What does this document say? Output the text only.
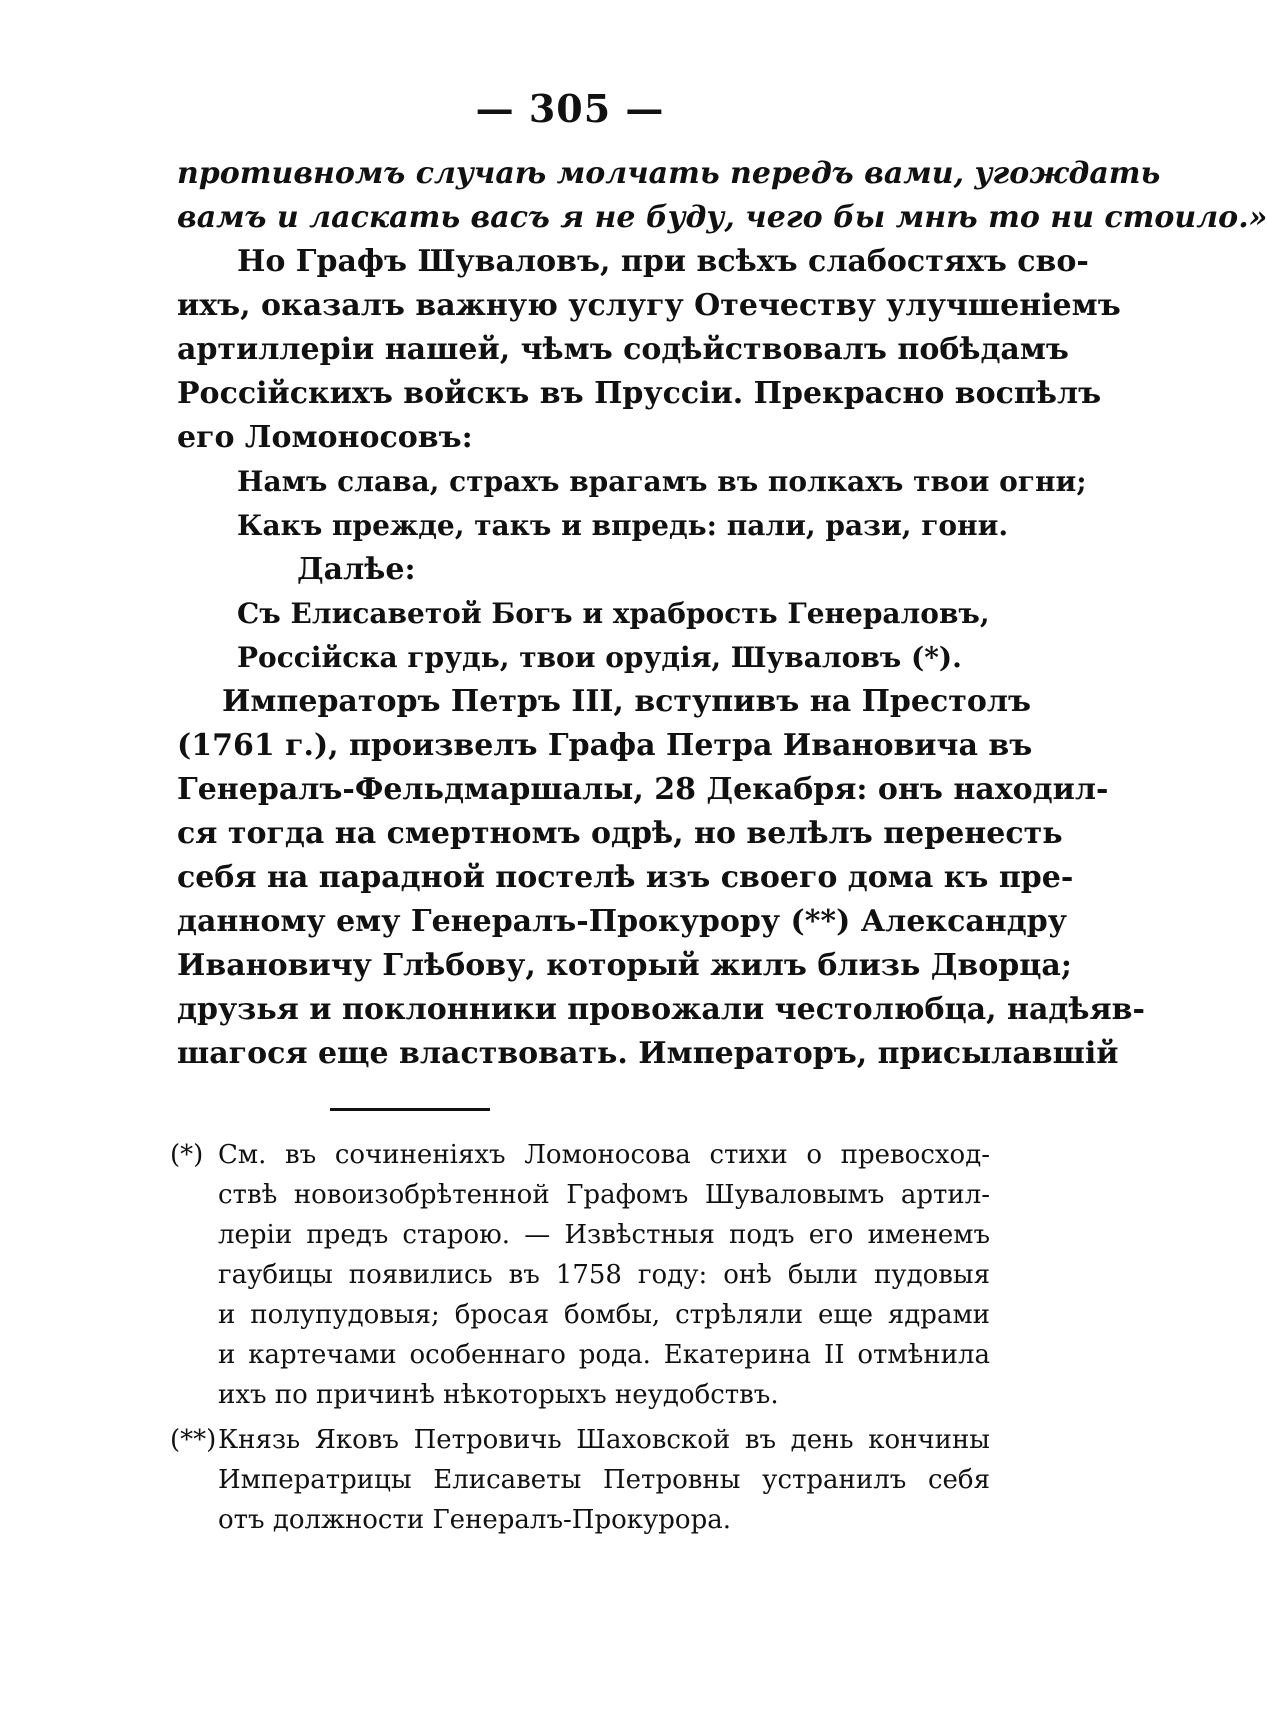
— 305 —
противномъ случаѣ молчать передъ вами, угождать
вамъ и ласкать васъ я не буду, чего бы мнѣ то ни стоило.»
Но Графъ Шуваловъ, при всѣхъ слабостяхъ сво-
ихъ, оказалъ важную услугу Отечеству улучшеніемъ
артиллеріи нашей, чѣмъ содѣйствовалъ побѣдамъ
Россійскихъ войскъ въ Пруссіи. Прекрасно воспѣлъ
его Ломоносовъ:
Намъ слава, страхъ врагамъ въ полкахъ твои огни;
Какъ прежде, такъ и впредь: пали, рази, гони.
Далѣе:
Съ Елисаветой Богъ и храбрость Генераловъ,
Россійска грудь, твои орудія, Шуваловъ (*).
Императоръ Петръ III, вступивъ на Престолъ
(1761 г.), произвелъ Графа Петра Ивановича въ
Генералъ-Фельдмаршалы, 28 Декабря: онъ находил-
ся тогда на смертномъ одрѣ, но велѣлъ перенесть
себя на парадной постелѣ изъ своего дома къ пре-
данному ему Генералъ-Прокурору (**) Александру
Ивановичу Глѣбову, который жилъ близь Дворца;
друзья и поклонники провожали честолюбца, надѣяв-
шагося еще властвовать. Императоръ, присылавшій
(*) См. въ сочиненіяхъ Ломоносова стихи о превосход-
ствѣ новоизобрѣтенной Графомъ Шуваловымъ артил-
леріи предъ старою. — Извѣстныя подъ его именемъ
гаубицы появились въ 1758 году: онѣ были пудовыя
и полупудовыя; бросая бомбы, стрѣляли еще ядрами
и картечами особеннаго рода. Екатерина II отмѣнила
ихъ по причинѣ нѣкоторыхъ неудобствъ.
(**) Князь Яковъ Петровичь Шаховской въ день кончины
Императрицы Елисаветы Петровны устранилъ себя
отъ должности Генералъ-Прокурора.
